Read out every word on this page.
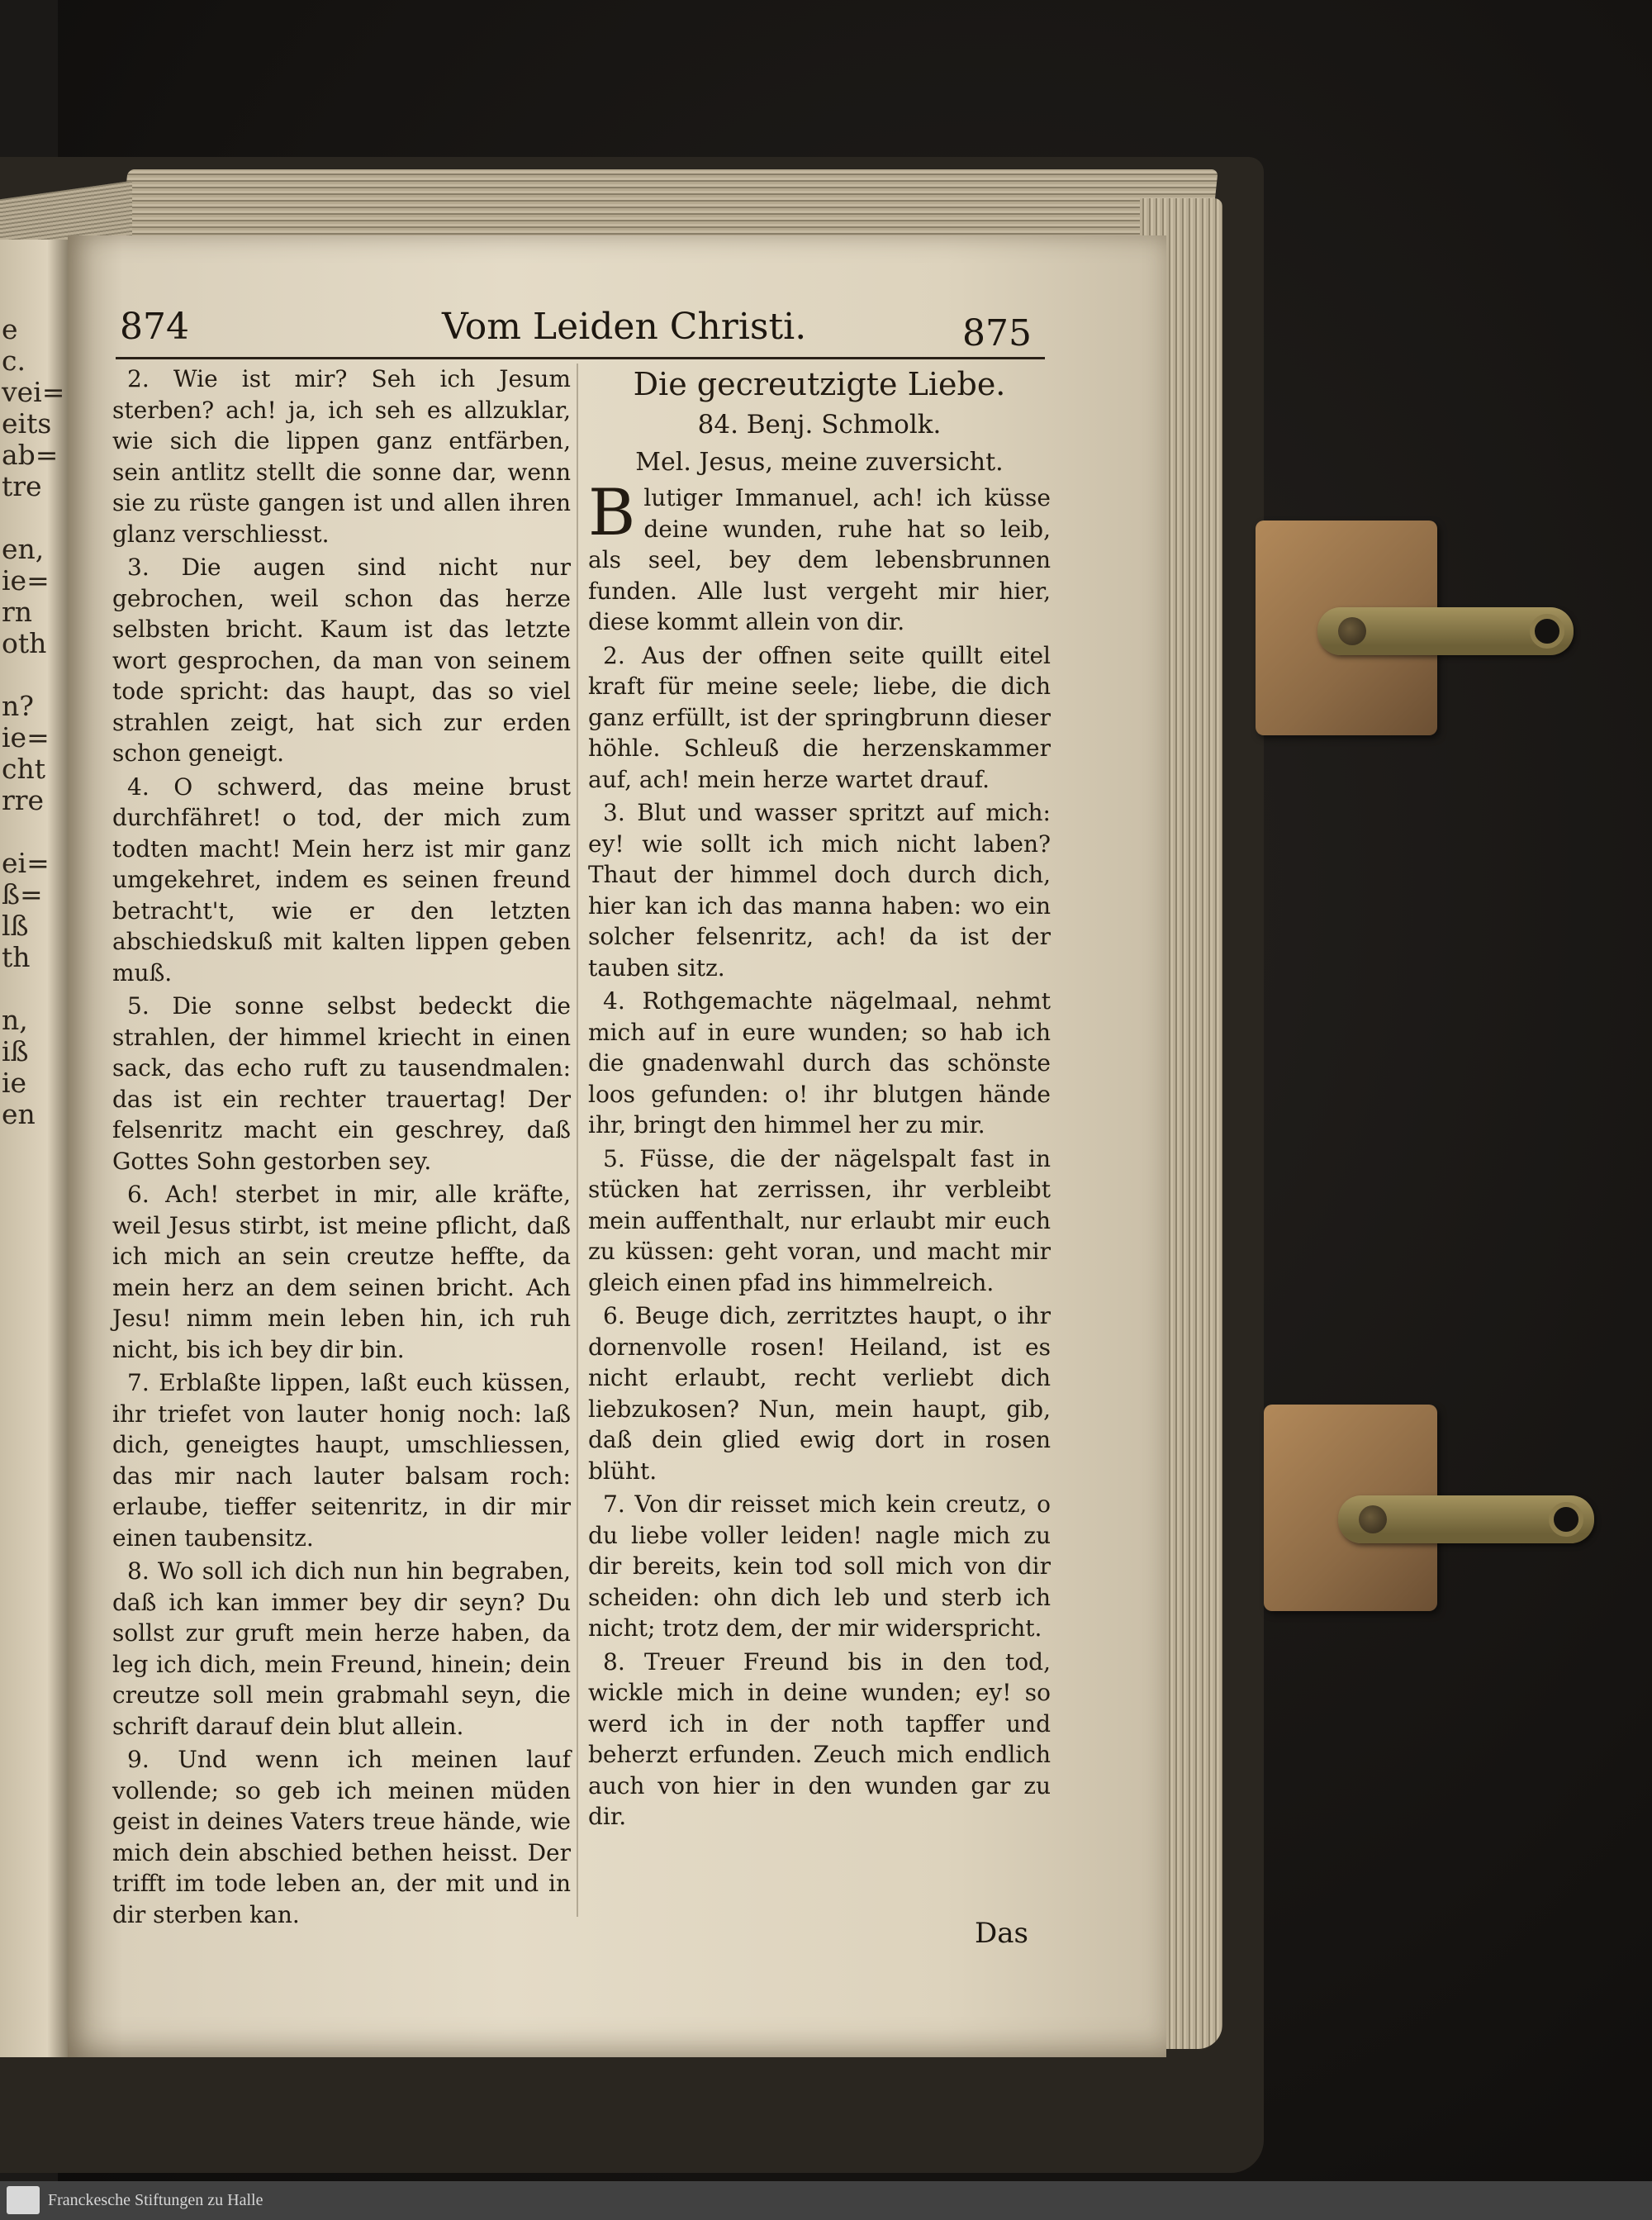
e
c.
vei=
eits
ab=
tre
en,
ie=
rn
oth
n?
ie=
cht
rre
ei=
ß=
lß
th
n,
iß
ie
en
874	Vom Leiden Christi.	875

2. Wie ist mir? Seh ich Jesum sterben? ach! ja, ich seh es allzuklar, wie sich die lippen ganz entfärben, sein antlitz stellt die sonne dar, wenn sie zu rüste gangen ist und allen ihren glanz verschliesst.

3. Die augen sind nicht nur gebrochen, weil schon das herze selbsten bricht. Kaum ist das letzte wort gesprochen, da man von seinem tode spricht: das haupt, das so viel strahlen zeigt, hat sich zur erden schon geneigt.

4. O schwerd, das meine brust durchfähret! o tod, der mich zum todten macht! Mein herz ist mir ganz umgekehret, indem es seinen freund betracht't, wie er den letzten abschiedskuß mit kalten lippen geben muß.

5. Die sonne selbst bedeckt die strahlen, der himmel kriecht in einen sack, das echo ruft zu tausendmalen: das ist ein rechter trauertag! Der felsenritz macht ein geschrey, daß Gottes Sohn gestorben sey.

6. Ach! sterbet in mir, alle kräfte, weil Jesus stirbt, ist meine pflicht, daß ich mich an sein creutze heffte, da mein herz an dem seinen bricht. Ach Jesu! nimm mein leben hin, ich ruh nicht, bis ich bey dir bin.

7. Erblaßte lippen, laßt euch küssen, ihr triefet von lauter honig noch: laß dich, geneigtes haupt, umschliessen, das mir nach lauter balsam roch: erlaube, tieffer seitenritz, in dir mir einen taubensitz.

8. Wo soll ich dich nun hin begraben, daß ich kan immer bey dir seyn? Du sollst zur gruft mein herze haben, da leg ich dich, mein Freund, hinein; dein creutze soll mein grabmahl seyn, die schrift darauf dein blut allein.

9. Und wenn ich meinen lauf vollende; so geb ich meinen müden geist in deines Vaters treue hände, wie mich dein abschied bethen heisst. Der trifft im tode leben an, der mit und in dir sterben kan.

Die gecreutzigte Liebe.
84. Benj. Schmolk.
Mel. Jesus, meine zuversicht.

Blutiger Immanuel, ach! ich küsse deine wunden, ruhe hat so leib, als seel, bey dem lebensbrunnen funden. Alle lust vergeht mir hier, diese kommt allein von dir.

2. Aus der offnen seite quillt eitel kraft für meine seele; liebe, die dich ganz erfüllt, ist der springbrunn dieser höhle. Schleuß die herzenskammer auf, ach! mein herze wartet drauf.

3. Blut und wasser spritzt auf mich: ey! wie sollt ich mich nicht laben? Thaut der himmel doch durch dich, hier kan ich das manna haben: wo ein solcher felsenritz, ach! da ist der tauben sitz.

4. Rothgemachte nägelmaal, nehmt mich auf in eure wunden; so hab ich die gnadenwahl durch das schönste loos gefunden: o! ihr blutgen hände ihr, bringt den himmel her zu mir.

5. Füsse, die der nägelspalt fast in stücken hat zerrissen, ihr verbleibt mein auffenthalt, nur erlaubt mir euch zu küssen: geht voran, und macht mir gleich einen pfad ins himmelreich.

6. Beuge dich, zerritztes haupt, o ihr dornenvolle rosen! Heiland, ist es nicht erlaubt, recht verliebt dich liebzukosen? Nun, mein haupt, gib, daß dein glied ewig dort in rosen blüht.

7. Von dir reisset mich kein creutz, o du liebe voller leiden! nagle mich zu dir bereits, kein tod soll mich von dir scheiden: ohn dich leb und sterb ich nicht; trotz dem, der mir widerspricht.

8. Treuer Freund bis in den tod, wickle mich in deine wunden; ey! so werd ich in der noth tapffer und beherzt erfunden. Zeuch mich endlich auch von hier in den wunden gar zu dir.

Das
Franckesche Stiftungen zu Halle
